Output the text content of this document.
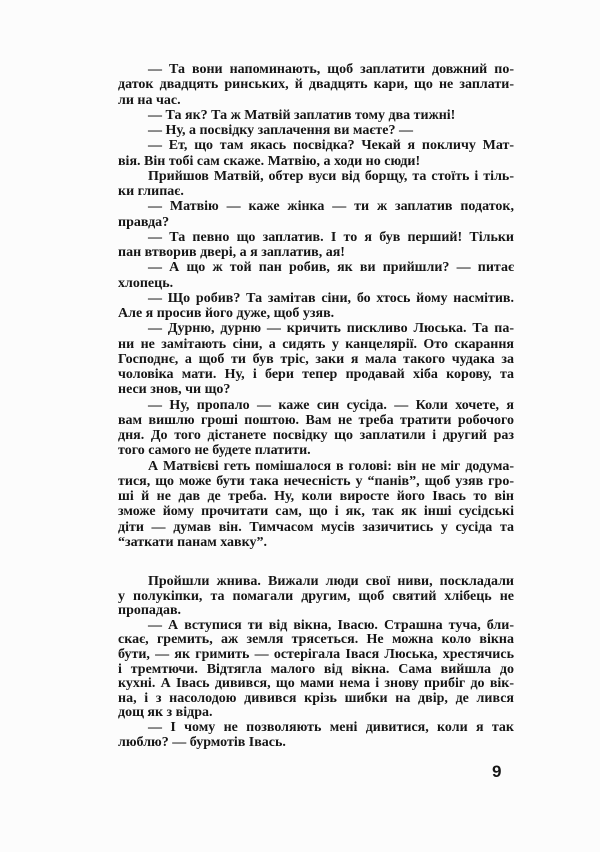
— Та вони напоминають, щоб заплатити довжний по-
даток двадцять ринських, й двадцять кари, що не заплати-
ли на час.
— Та як? Та ж Матвій заплатив тому два тижні!
— Ну, а посвідку заплачення ви маєте? —
— Ет, що там якась посвідка? Чекай я покличу Мат-
вія. Він тобі сам скаже. Матвію, а ходи но сюди!
Прийшов Матвій, обтер вуси від борщу, та стоїть і тіль-
ки глипає.
— Матвію — каже жінка — ти ж заплатив податок,
правда?
— Та певно що заплатив. І то я був перший! Тільки
пан втворив двері, а я заплатив, ая!
— А що ж той пан робив, як ви прийшли? — питає
хлопець.
— Що робив? Та замітав сіни, бо хтось йому насмітив.
Але я просив його дуже, щоб узяв.
— Дурню, дурню — кричить пискливо Люська. Та па-
ни не замітають сіни, а сидять у канцелярії. Ото скарання
Господнє, а щоб ти був тріс, заки я мала такого чудака за
чоловіка мати. Ну, і бери тепер продавай хіба корову, та
неси знов, чи що?
— Ну, пропало — каже син сусіда. — Коли хочете, я
вам вишлю гроші поштою. Вам не треба тратити робочого
дня. До того дістанете посвідку що заплатили і другий раз
того самого не будете платити.
А Матвієві геть помішалося в голові: він не міг додума-
тися, що може бути така нечесність у “панів”, щоб узяв гро-
ші й не дав де треба. Ну, коли виросте його Івась то він
зможе йому прочитати сам, що і як, так як інші сусідські
діти — думав він. Тимчасом мусів зазичитись у сусіда та
“заткати панам хавку”.
Пройшли жнива. Вижали люди свої ниви, поскладали
у полукіпки, та помагали другим, щоб святий хлібець не
пропадав.
— А вступися ти від вікна, Івасю. Страшна туча, бли-
скає, гремить, аж земля трясеться. Не можна коло вікна
бути, — як гримить — остерігала Івася Люська, хрестячись
і тремтючи. Відтягла малого від вікна. Сама вийшла до
кухні. А Івась дивився, що мами нема і знову прибіг до вік-
на, і з насолодою дивився крізь шибки на двір, де лився
дощ як з відра.
— І чому не позволяють мені дивитися, коли я так
люблю? — бурмотів Івась.
9
